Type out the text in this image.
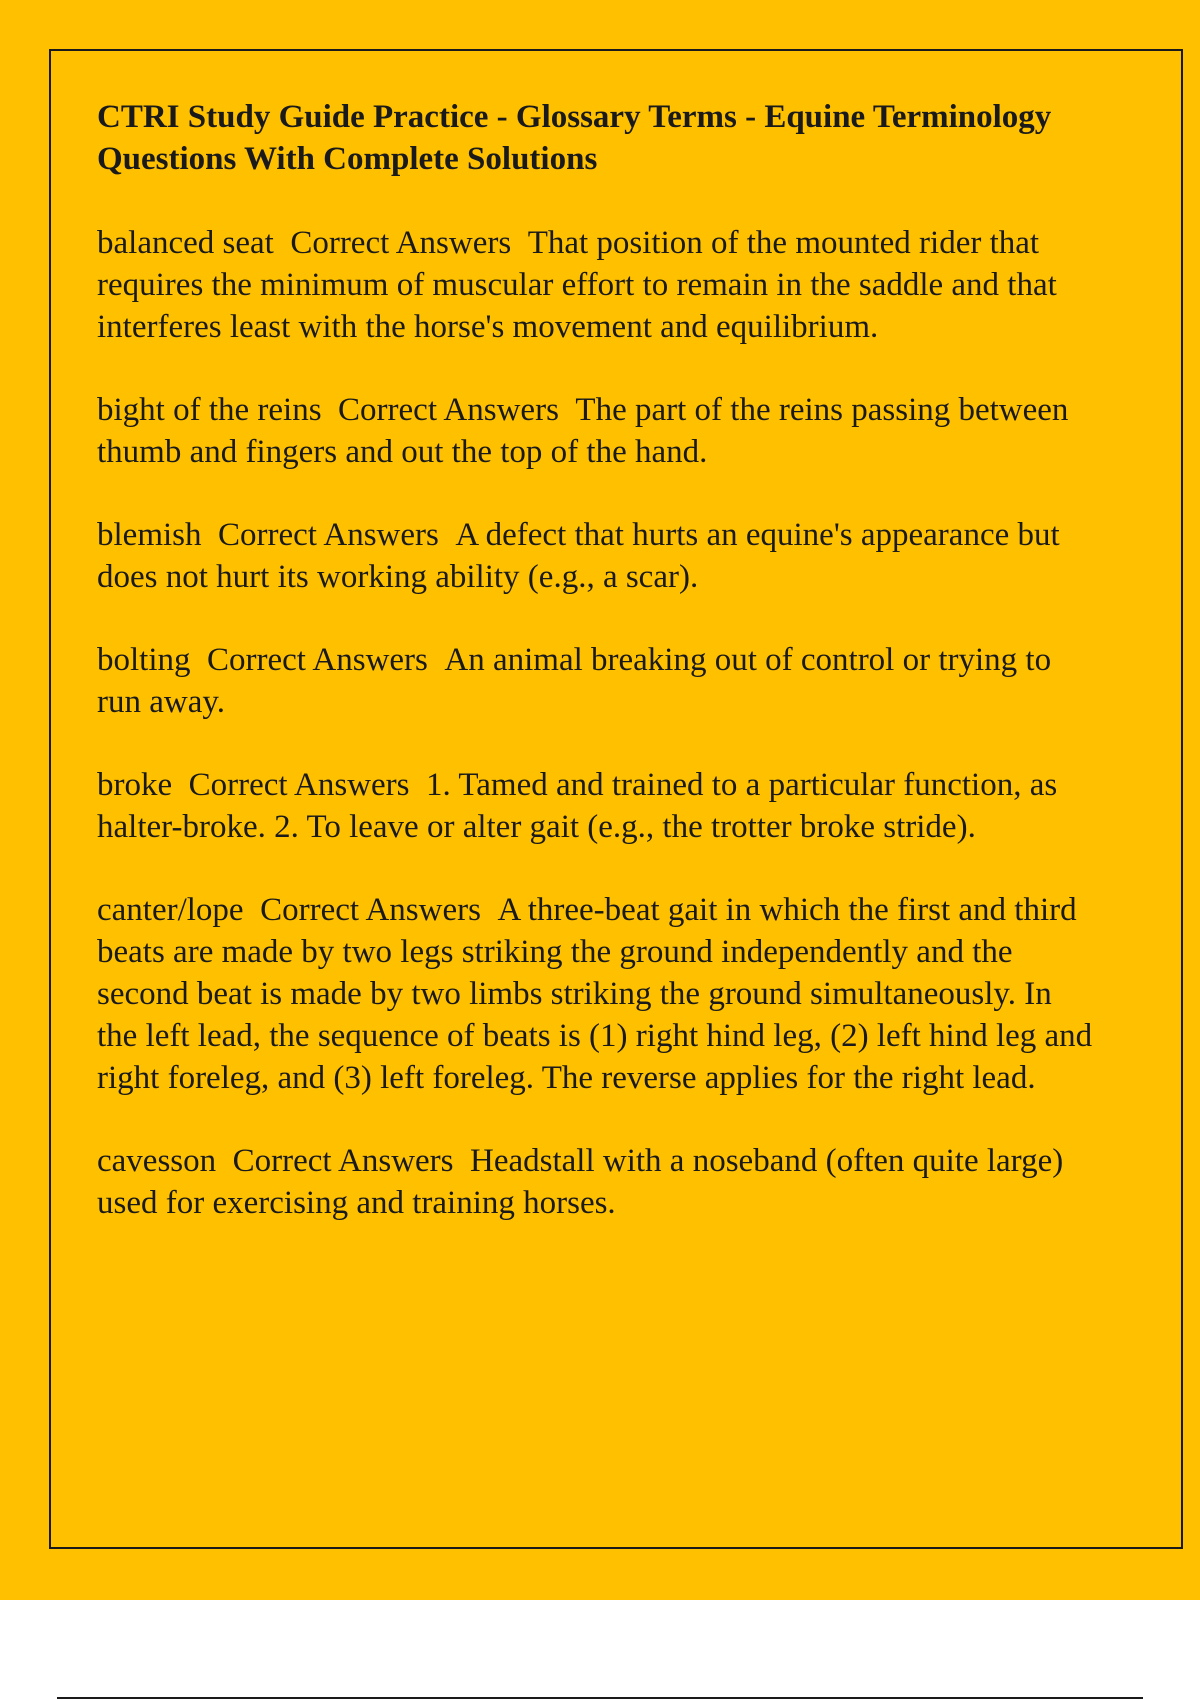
CTRI Study Guide Practice - Glossary Terms - Equine Terminology Questions With Complete Solutions

balanced seat Correct Answers That position of the mounted rider that requires the minimum of muscular effort to remain in the saddle and that interferes least with the horse's movement and equilibrium.

bight of the reins Correct Answers The part of the reins passing between thumb and fingers and out the top of the hand.

blemish Correct Answers A defect that hurts an equine's appearance but does not hurt its working ability (e.g., a scar).

bolting Correct Answers An animal breaking out of control or trying to run away.

broke Correct Answers 1. Tamed and trained to a particular function, as halter-broke. 2. To leave or alter gait (e.g., the trotter broke stride).

canter/lope Correct Answers A three-beat gait in which the first and third beats are made by two legs striking the ground independently and the second beat is made by two limbs striking the ground simultaneously. In the left lead, the sequence of beats is (1) right hind leg, (2) left hind leg and right foreleg, and (3) left foreleg. The reverse applies for the right lead.

cavesson Correct Answers Headstall with a noseband (often quite large) used for exercising and training horses.
